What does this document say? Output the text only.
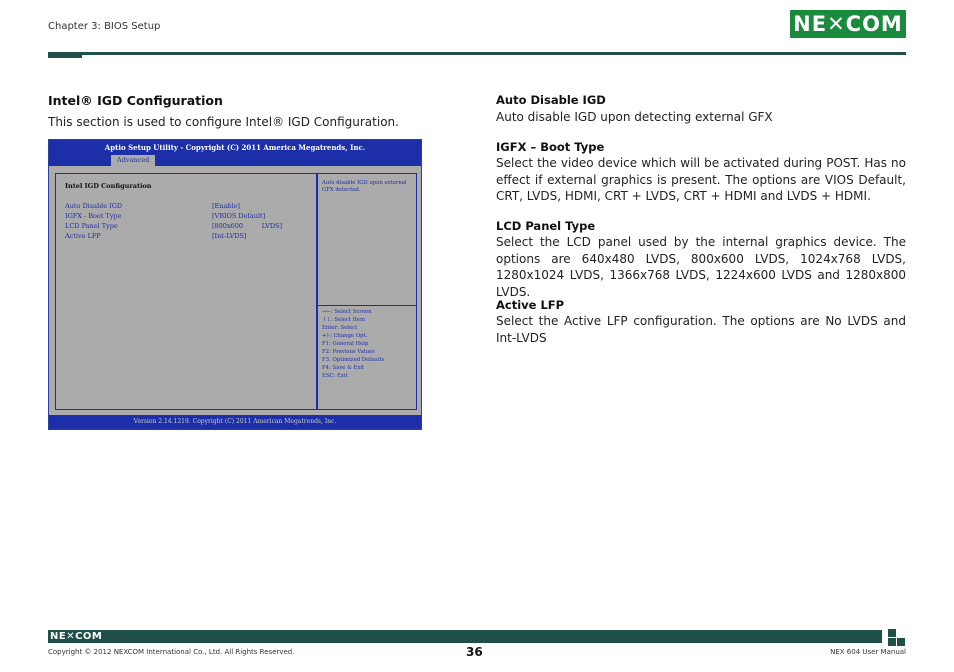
Chapter 3: BIOS Setup	NE✕COM
Intel® IGD Configuration
This section is used to configure Intel® IGD Configuration.
Aptio Setup Utility - Copyright (C) 2011 America Megatrends, Inc.
Advanced
Intel IGD Configuration
Auto Disable IGD	[Enable]
IGFX - Boot Type	[VBIOS Default]
LCD Panel Type	[800x600         LVDS]
Active LFP	[Int-LVDS]
Auto disable IGD upon external GFX detected.
→←: Select Screen
↑↓: Select Item
Enter: Select
+/-: Change Opt.
F1: General Help
F2: Previous Values
F3: Optimized Defaults
F4: Save & Exit
ESC: Exit
Version 2.14.1219. Copyright (C) 2011 American Megatrends, Inc.
Auto Disable IGD
Auto disable IGD upon detecting external GFX
IGFX – Boot Type
Select the video device which will be activated during POST. Has no effect if external graphics is present. The options are VIOS Default, CRT, LVDS, HDMI, CRT + LVDS, CRT + HDMI and LVDS + HDMI.
LCD Panel Type
Select the LCD panel used by the internal graphics device. The options are 640x480 LVDS, 800x600 LVDS, 1024x768 LVDS, 1280x1024 LVDS, 1366x768 LVDS, 1224x600 LVDS and 1280x800 LVDS.
Active LFP
Select the Active LFP configuration. The options are No LVDS and Int-LVDS
NE✕COM
Copyright © 2012 NEXCOM International Co., Ltd. All Rights Reserved.	36	NEX 604 User Manual
